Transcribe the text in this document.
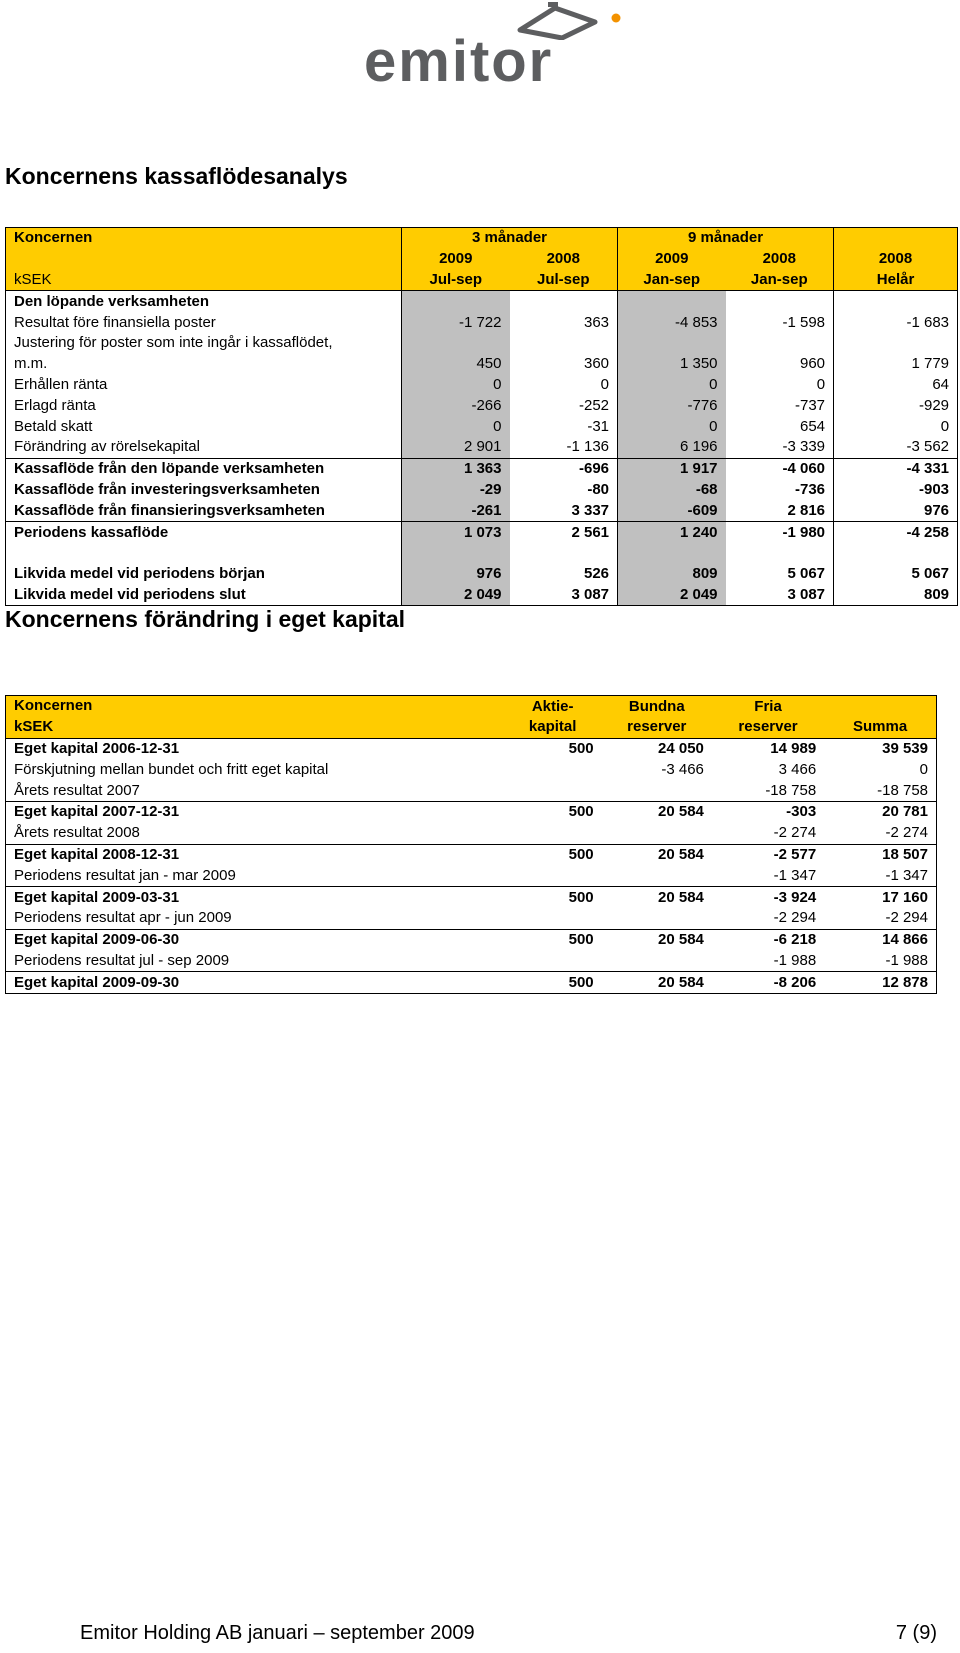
emitor
Koncernens kassaflödesanalys
Koncernen	3 månader		9 månader		
	2009	2008	2009	2008	2008
kSEK	Jul-sep	Jul-sep	Jan-sep	Jan-sep	Helår
Den löpande verksamheten					
Resultat före finansiella poster	-1 722	363	-4 853	-1 598	-1 683
Justering för poster som inte ingår i kassaflödet,					
m.m.	450	360	1 350	960	1 779
Erhållen ränta	0	0	0	0	64
Erlagd ränta	-266	-252	-776	-737	-929
Betald skatt	0	-31	0	654	0
Förändring av rörelsekapital	2 901	-1 136	6 196	-3 339	-3 562
Kassaflöde från den löpande verksamheten	1 363	-696	1 917	-4 060	-4 331
Kassaflöde från investeringsverksamheten	-29	-80	-68	-736	-903
Kassaflöde från finansieringsverksamheten	-261	3 337	-609	2 816	976
Periodens kassaflöde	1 073	2 561	1 240	-1 980	-4 258

Likvida medel vid periodens början	976	526	809	5 067	5 067
Likvida medel vid periodens slut	2 049	3 087	2 049	3 087	809
Koncernens förändring i eget kapital
Koncernen	Aktie-	Bundna	Fria	
kSEK	kapital	reserver	reserver	Summa
Eget kapital 2006-12-31	500	24 050	14 989	39 539
Förskjutning mellan bundet och fritt eget kapital		-3 466	3 466	0
Årets resultat 2007			-18 758	-18 758
Eget kapital 2007-12-31	500	20 584	-303	20 781
Årets resultat 2008			-2 274	-2 274
Eget kapital 2008-12-31	500	20 584	-2 577	18 507
Periodens resultat jan - mar 2009			-1 347	-1 347
Eget kapital 2009-03-31	500	20 584	-3 924	17 160
Periodens resultat apr - jun 2009			-2 294	-2 294
Eget kapital 2009-06-30	500	20 584	-6 218	14 866
Periodens resultat jul - sep 2009			-1 988	-1 988
Eget kapital 2009-09-30	500	20 584	-8 206	12 878
Emitor Holding AB januari – september 2009	7 (9)
